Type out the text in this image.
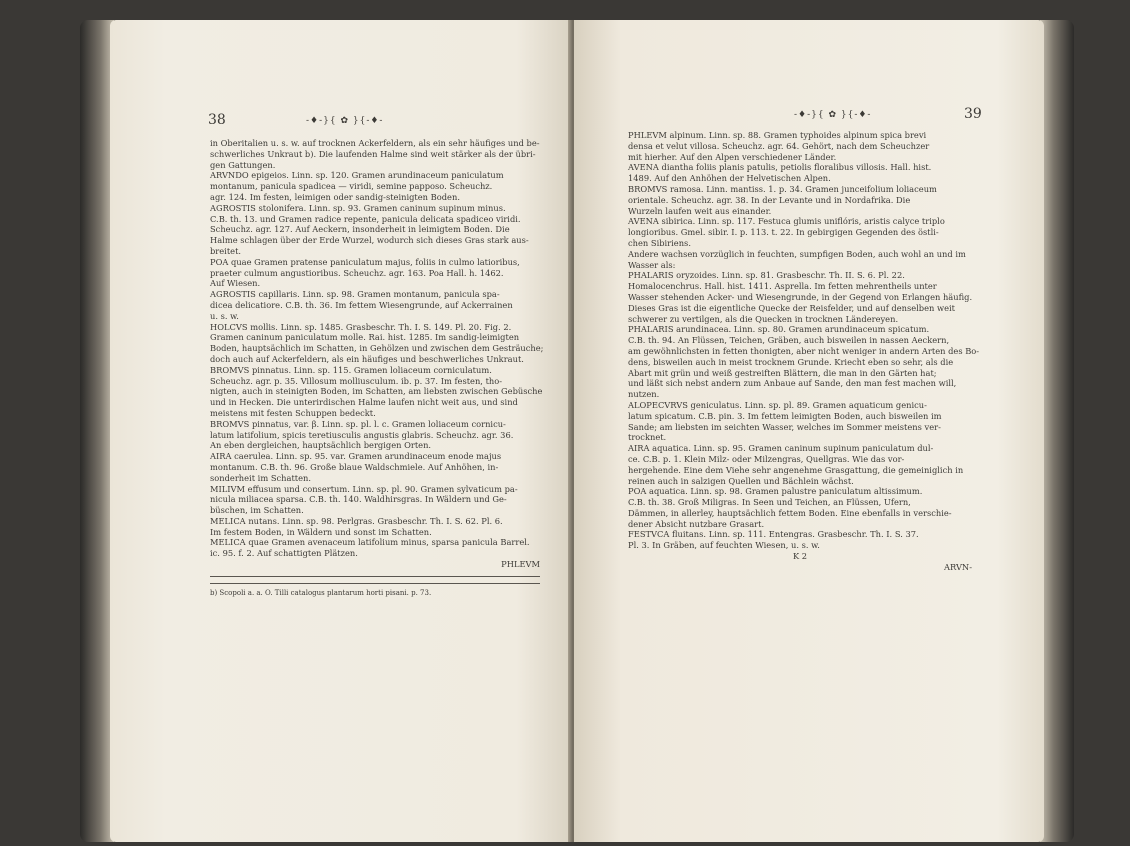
38	-♦-}{ ✿ }{-♦-

in Oberitalien u. s. w. auf trocknen Ackerfeldern, als ein sehr häufiges und be-

schwerliches Unkraut b). Die laufenden Halme sind weit stärker als der übri-

gen Gattungen.

ARVNDO epigeios. Linn. sp. 120. Gramen arundinaceum paniculatum

montanum, panicula spadicea — viridi, semine papposo. Scheuchz.

agr. 124. Im festen, leimigen oder sandig-steinigten Boden.

AGROSTIS stolonifera. Linn. sp. 93. Gramen caninum supinum minus.

C.B. th. 13. und Gramen radice repente, panicula delicata spadiceo viridi.

Scheuchz. agr. 127. Auf Aeckern, insonderheit in leimigtem Boden. Die

Halme schlagen über der Erde Wurzel, wodurch sich dieses Gras stark aus-

breitet.

POA quae Gramen pratense paniculatum majus, foliis in culmo latioribus,

praeter culmum angustioribus. Scheuchz. agr. 163. Poa Hall. h. 1462.

Auf Wiesen.

AGROSTIS capillaris. Linn. sp. 98. Gramen montanum, panicula spa-

dicea delicatiore. C.B. th. 36. Im fettem Wiesengrunde, auf Ackerrainen

u. s. w.

HOLCVS mollis. Linn. sp. 1485. Grasbeschr. Th. I. S. 149. Pl. 20. Fig. 2.

Gramen caninum paniculatum molle. Rai. hist. 1285. Im sandig-leimigten

Boden, hauptsächlich im Schatten, in Gehölzen und zwischen dem Gesträuche;

doch auch auf Ackerfeldern, als ein häufiges und beschwerliches Unkraut.

BROMVS pinnatus. Linn. sp. 115. Gramen loliaceum corniculatum.

Scheuchz. agr. p. 35. Villosum molliusculum. ib. p. 37. Im festen, tho-

nigten, auch in steinigten Boden, im Schatten, am liebsten zwischen Gebüsche

und in Hecken. Die unterirdischen Halme laufen nicht weit aus, und sind

meistens mit festen Schuppen bedeckt.

BROMVS pinnatus, var. β. Linn. sp. pl. l. c. Gramen loliaceum cornicu-

latum latifolium, spicis teretiusculis angustis glabris. Scheuchz. agr. 36.

An eben dergleichen, hauptsächlich bergigen Orten.

AIRA caerulea. Linn. sp. 95. var. Gramen arundinaceum enode majus

montanum. C.B. th. 96. Große blaue Waldschmiele. Auf Anhöhen, in-

sonderheit im Schatten.

MILIVM effusum und consertum. Linn. sp. pl. 90. Gramen sylvaticum pa-

nicula miliacea sparsa. C.B. th. 140. Waldhirsgras. In Wäldern und Ge-

büschen, im Schatten.

MELICA nutans. Linn. sp. 98. Perlgras. Grasbeschr. Th. I. S. 62. Pl. 6.

Im festem Boden, in Wäldern und sonst im Schatten.

MELICA quae Gramen avenaceum latifolium minus, sparsa panicula Barrel.

ic. 95. f. 2. Auf schattigten Plätzen.

PHLEVM

b) Scopoli a. a. O. Tilli catalogus plantarum horti pisani. p. 73.

39
-♦-}{ ✿ }{-♦-

PHLEVM alpinum. Linn. sp. 88. Gramen typhoides alpinum spica brevi

densa et velut villosa. Scheuchz. agr. 64. Gehört, nach dem Scheuchzer

mit hierher. Auf den Alpen verschiedener Länder.

AVENA diantha foliis planis patulis, petiolis floralibus villosis. Hall. hist.

1489. Auf den Anhöhen der Helvetischen Alpen.

BROMVS ramosa. Linn. mantiss. 1. p. 34. Gramen junceifolium loliaceum

orientale. Scheuchz. agr. 38. In der Levante und in Nordafrika. Die

Wurzeln laufen weit aus einander.

AVENA sibirica. Linn. sp. 117. Festuca glumis uniflóris, aristis calyce triplo

longioribus. Gmel. sibir. I. p. 113. t. 22. In gebirgigen Gegenden des östli-

chen Sibiriens.

Andere wachsen vorzüglich in feuchten, sumpfigen Boden, auch wohl an und im

Wasser als:

PHALARIS oryzoides. Linn. sp. 81. Grasbeschr. Th. II. S. 6. Pl. 22.

Homalocenchrus. Hall. hist. 1411. Asprella. Im fetten mehrentheils unter

Wasser stehenden Acker- und Wiesengrunde, in der Gegend von Erlangen häufig.

Dieses Gras ist die eigentliche Quecke der Reisfelder, und auf denselben weit

schwerer zu vertilgen, als die Quecken in trocknen Ländereyen.

PHALARIS arundinacea. Linn. sp. 80. Gramen arundinaceum spicatum.

C.B. th. 94. An Flüssen, Teichen, Gräben, auch bisweilen in nassen Aeckern,

am gewöhnlichsten in fetten thonigten, aber nicht weniger in andern Arten des Bo-

dens, bisweilen auch in meist trocknem Grunde. Kriecht eben so sehr, als die

Abart mit grün und weiß gestreiften Blättern, die man in den Gärten hat;

und läßt sich nebst andern zum Anbaue auf Sande, den man fest machen will,

nutzen.

ALOPECVRVS geniculatus. Linn. sp. pl. 89. Gramen aquaticum genicu-

latum spicatum. C.B. pin. 3. Im fettem leimigten Boden, auch bisweilen im

Sande; am liebsten im seichten Wasser, welches im Sommer meistens ver-

trocknet.

AIRA aquatica. Linn. sp. 95. Gramen caninum supinum paniculatum dul-

ce. C.B. p. 1. Klein Milz- oder Milzengras, Quellgras. Wie das vor-

hergehende. Eine dem Viehe sehr angenehme Grasgattung, die gemeiniglich in

reinen auch in salzigen Quellen und Bächlein wächst.

POA aquatica. Linn. sp. 98. Gramen palustre paniculatum altissimum.

C.B. th. 38. Groß Miligras. In Seen und Teichen, an Flüssen, Ufern,

Dämmen, in allerley, hauptsächlich fettem Boden. Eine ebenfalls in verschie-

dener Absicht nutzbare Grasart.

FESTVCA fluitans. Linn. sp. 111. Entengras. Grasbeschr. Th. I. S. 37.

Pl. 3. In Gräben, auf feuchten Wiesen, u. s. w.

K 2

ARVN-
